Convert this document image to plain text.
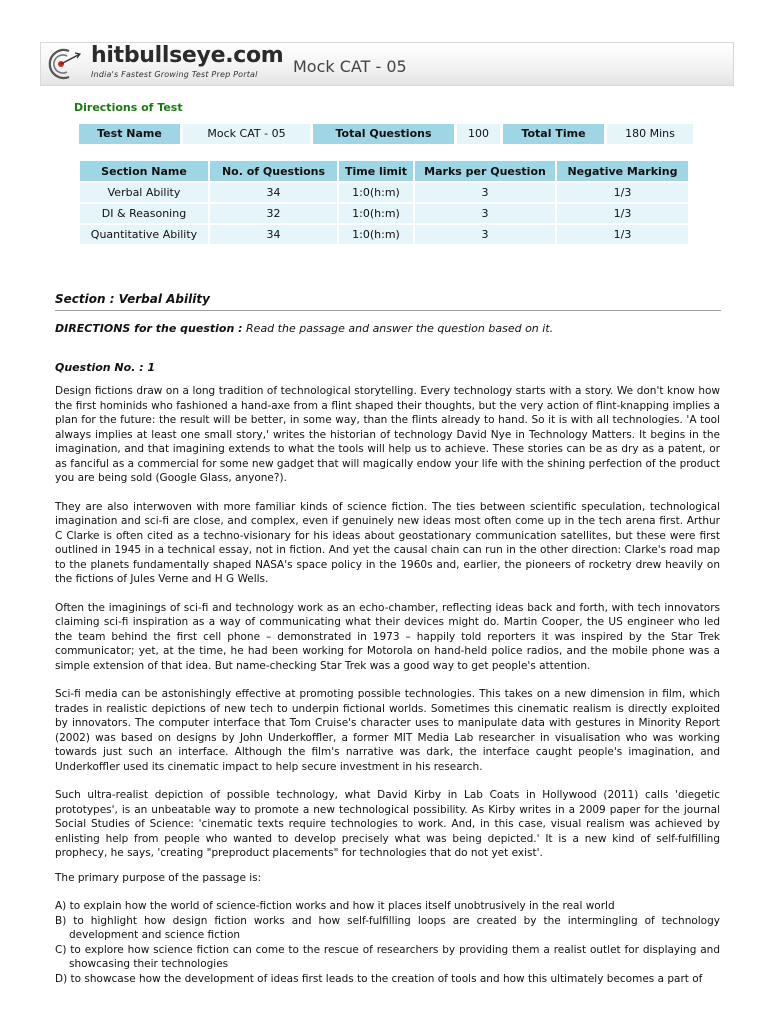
hitbullseye.com
India's Fastest Growing Test Prep Portal Mock CAT - 05
Directions of Test
Test Name	Mock CAT - 05	Total Questions	100	Total Time	180 Mins
Section Name	No. of Questions	Time limit	Marks per Question	Negative Marking
Verbal Ability	34	1:0(h:m)	3	1/3
DI & Reasoning	32	1:0(h:m)	3	1/3
Quantitative Ability	34	1:0(h:m)	3	1/3
Section : Verbal Ability
DIRECTIONS for the question : Read the passage and answer the question based on it.
Question No. : 1

Design fictions draw on a long tradition of technological storytelling. Every technology starts with a story. We don't know how the first hominids who fashioned a hand-axe from a flint shaped their thoughts, but the very action of flint-knapping implies a plan for the future: the result will be better, in some way, than the flints already to hand. So it is with all technologies. 'A tool always implies at least one small story,' writes the historian of technology David Nye in Technology Matters. It begins in the imagination, and that imagining extends to what the tools will help us to achieve. These stories can be as dry as a patent, or as fanciful as a commercial for some new gadget that will magically endow your life with the shining perfection of the product you are being sold (Google Glass, anyone?).

They are also interwoven with more familiar kinds of science fiction. The ties between scientific speculation, technological imagination and sci-fi are close, and complex, even if genuinely new ideas most often come up in the tech arena first. Arthur C Clarke is often cited as a techno-visionary for his ideas about geostationary communication satellites, but these were first outlined in 1945 in a technical essay, not in fiction. And yet the causal chain can run in the other direction: Clarke's road map to the planets fundamentally shaped NASA's space policy in the 1960s and, earlier, the pioneers of rocketry drew heavily on the fictions of Jules Verne and H G Wells.

Often the imaginings of sci-fi and technology work as an echo-chamber, reflecting ideas back and forth, with tech innovators claiming sci-fi inspiration as a way of communicating what their devices might do. Martin Cooper, the US engineer who led the team behind the first cell phone – demonstrated in 1973 – happily told reporters it was inspired by the Star Trek communicator; yet, at the time, he had been working for Motorola on hand-held police radios, and the mobile phone was a simple extension of that idea. But name-checking Star Trek was a good way to get people's attention.

Sci-fi media can be astonishingly effective at promoting possible technologies. This takes on a new dimension in film, which trades in realistic depictions of new tech to underpin fictional worlds. Sometimes this cinematic realism is directly exploited by innovators. The computer interface that Tom Cruise's character uses to manipulate data with gestures in Minority Report (2002) was based on designs by John Underkoffler, a former MIT Media Lab researcher in visualisation who was working towards just such an interface. Although the film's narrative was dark, the interface caught people's imagination, and Underkoffler used its cinematic impact to help secure investment in his research.

Such ultra-realist depiction of possible technology, what David Kirby in Lab Coats in Hollywood (2011) calls 'diegetic prototypes', is an unbeatable way to promote a new technological possibility. As Kirby writes in a 2009 paper for the journal Social Studies of Science: 'cinematic texts require technologies to work. And, in this case, visual realism was achieved by enlisting help from people who wanted to develop precisely what was being depicted.' It is a new kind of self-fulfilling prophecy, he says, 'creating "preproduct placements" for technologies that do not yet exist'.

The primary purpose of the passage is:

A) to explain how the world of science-fiction works and how it places itself unobtrusively in the real world
B) to highlight how design fiction works and how self-fulfilling loops are created by the intermingling of technology development and science fiction
C) to explore how science fiction can come to the rescue of researchers by providing them a realist outlet for displaying and showcasing their technologies
D) to showcase how the development of ideas first leads to the creation of tools and how this ultimately becomes a part of
